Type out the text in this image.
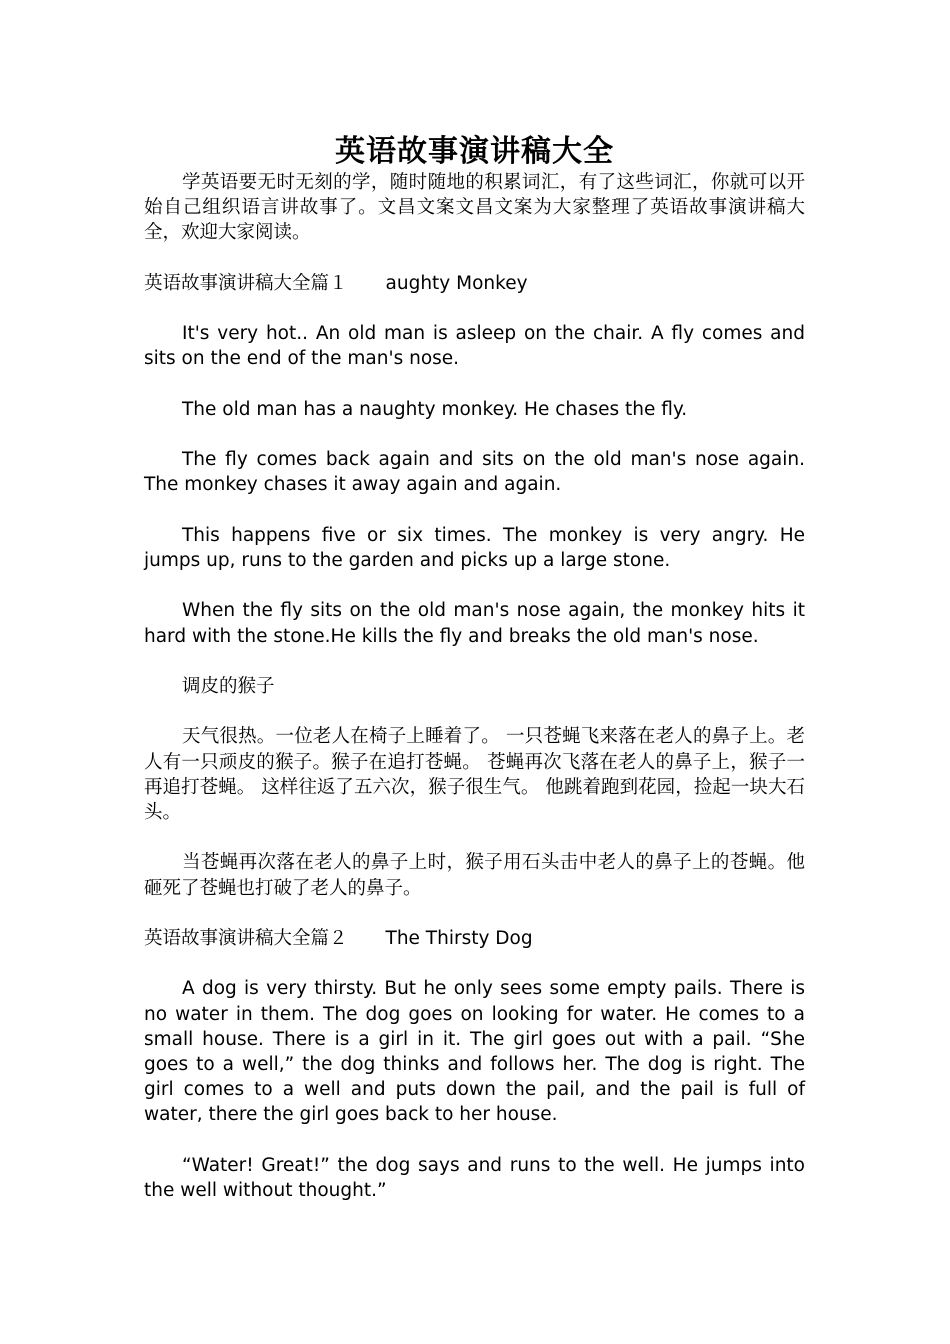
英语故事演讲稿大全

学英语要无时无刻的学，随时随地的积累词汇，有了这些词汇，你就可以开始自己组织语言讲故事了。文昌文案文昌文案为大家整理了英语故事演讲稿大全，欢迎大家阅读。

英语故事演讲稿大全篇１ aughty Monkey

It's very hot.. An old man is asleep on the chair. A fly comes and sits on the end of the man's nose.

The old man has a naughty monkey. He chases the fly.

The fly comes back again and sits on the old man's nose again. The monkey chases it away again and again.

This happens five or six times. The monkey is very angry. He jumps up, runs to the garden and picks up a large stone.

When the fly sits on the old man's nose again, the monkey hits it hard with the stone.He kills the fly and breaks the old man's nose.

调皮的猴子

天气很热。一位老人在椅子上睡着了。 一只苍蝇飞来落在老人的鼻子上。老人有一只顽皮的猴子。猴子在追打苍蝇。 苍蝇再次飞落在老人的鼻子上，猴子一再追打苍蝇。 这样往返了五六次，猴子很生气。 他跳着跑到花园，捡起一块大石头。

当苍蝇再次落在老人的鼻子上时，猴子用石头击中老人的鼻子上的苍蝇。他砸死了苍蝇也打破了老人的鼻子。

英语故事演讲稿大全篇２ The Thirsty Dog

A dog is very thirsty. But he only sees some empty pails. There is no water in them. The dog goes on looking for water. He comes to a small house. There is a girl in it. The girl goes out with a pail. “She goes to a well,” the dog thinks and follows her. The dog is right. The girl comes to a well and puts down the pail, and the pail is full of water, there the girl goes back to her house.

“Water! Great!” the dog says and runs to the well. He jumps into the well without thought.”
